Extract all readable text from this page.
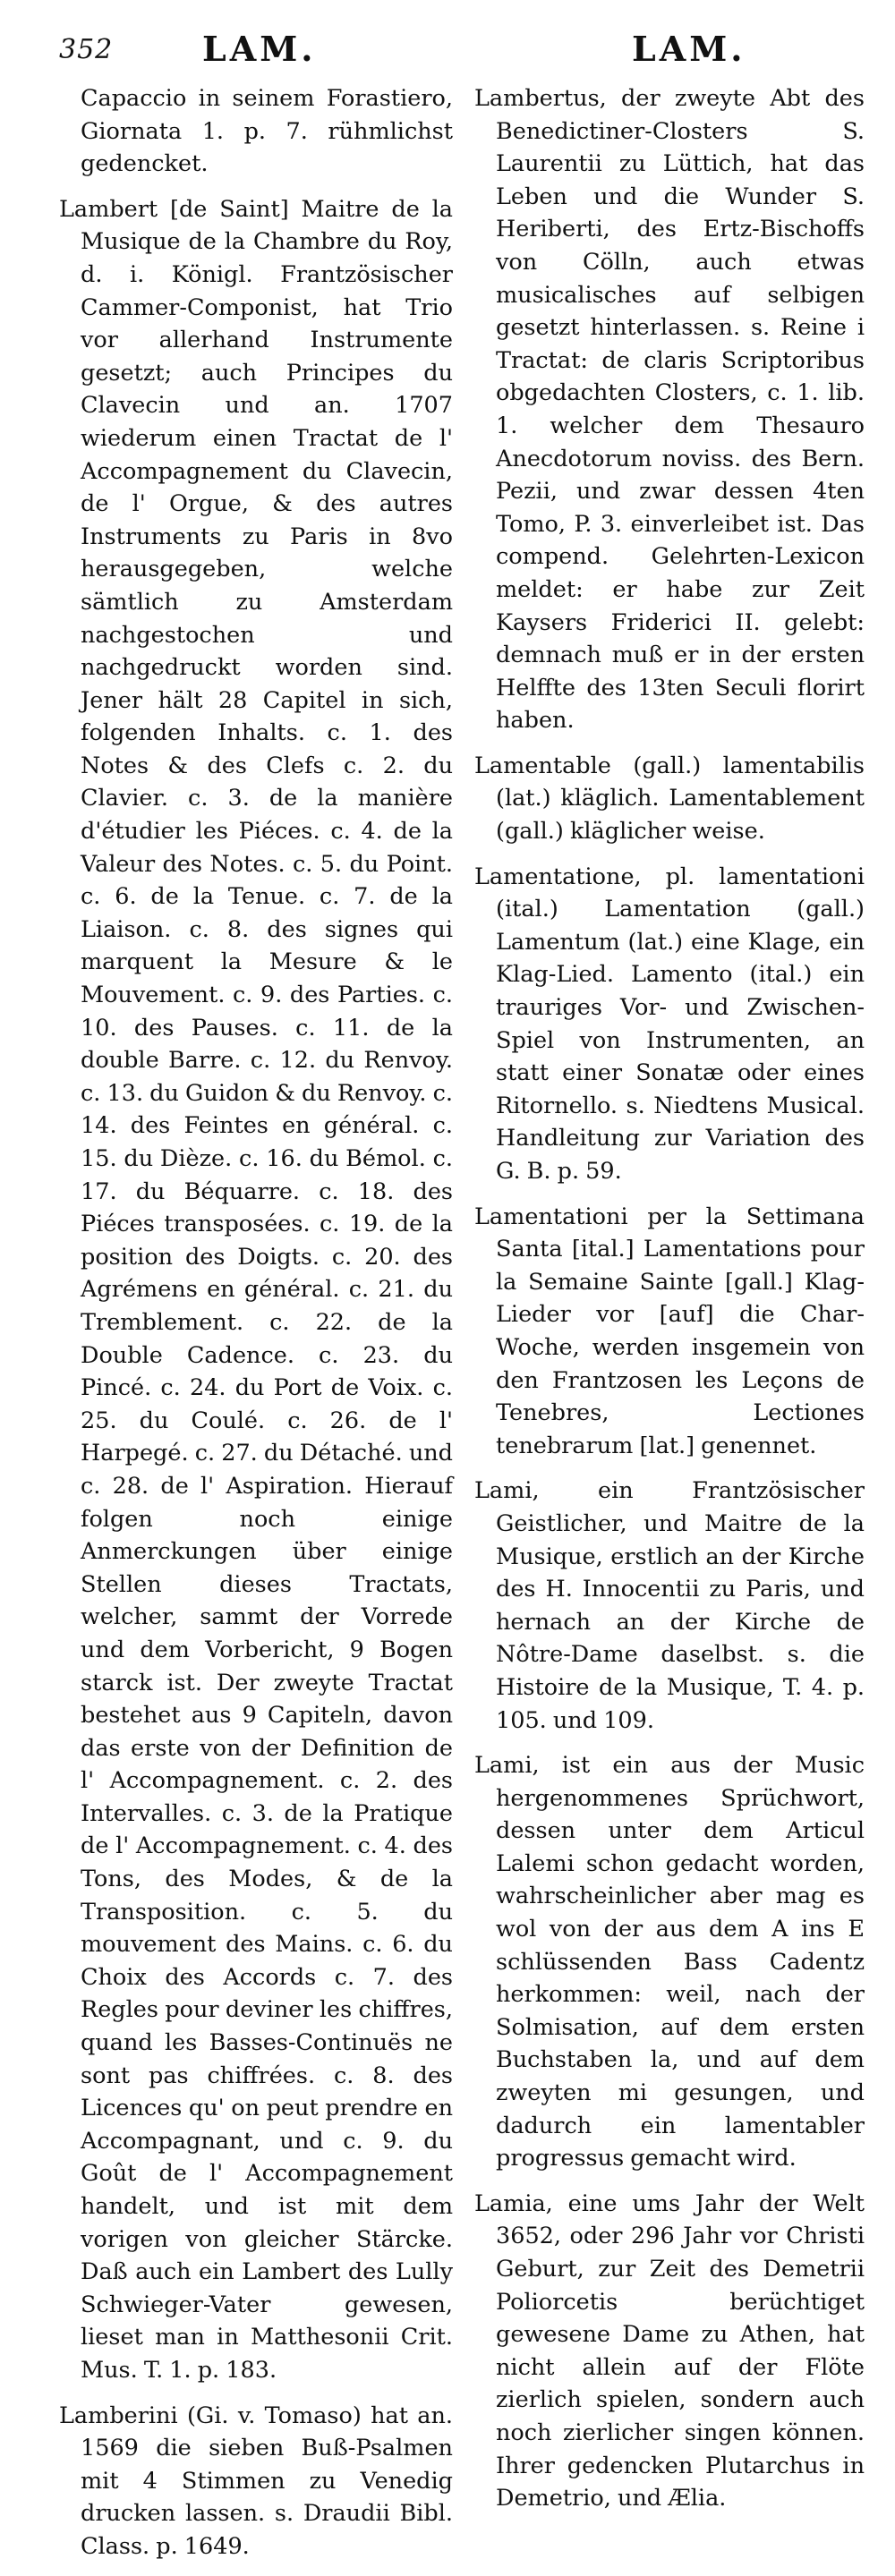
352	LAM.	LAM.

Capaccio in seinem Forastiero, Giornata 1. p. 7. rühmlichst gedencket.

Lambert [de Saint] Maitre de la Musique de la Chambre du Roy, d. i. Königl. Frantzösischer Cammer-Componist, hat Trio vor allerhand Instrumente gesetzt; auch Principes du Clavecin und an. 1707 wiederum einen Tractat de l' Accompagnement du Clavecin, de l' Orgue, & des autres Instruments zu Paris in 8vo herausgegeben, welche sämtlich zu Amsterdam nachgestochen und nachgedruckt worden sind. Jener hält 28 Capitel in sich, folgenden Inhalts. c. 1. des Notes & des Clefs c. 2. du Clavier. c. 3. de la manière d'étudier les Piéces. c. 4. de la Valeur des Notes. c. 5. du Point. c. 6. de la Tenue. c. 7. de la Liaison. c. 8. des signes qui marquent la Mesure & le Mouvement. c. 9. des Parties. c. 10. des Pauses. c. 11. de la double Barre. c. 12. du Renvoy. c. 13. du Guidon & du Renvoy. c. 14. des Feintes en général. c. 15. du Dièze. c. 16. du Bémol. c. 17. du Béquarre. c. 18. des Piéces transposées. c. 19. de la position des Doigts. c. 20. des Agrémens en général. c. 21. du Tremblement. c. 22. de la Double Cadence. c. 23. du Pincé. c. 24. du Port de Voix. c. 25. du Coulé. c. 26. de l' Harpegé. c. 27. du Détaché. und c. 28. de l' Aspiration. Hierauf folgen noch einige Anmerckungen über einige Stellen dieses Tractats, welcher, sammt der Vorrede und dem Vorbericht, 9 Bogen starck ist. Der zweyte Tractat bestehet aus 9 Capiteln, davon das erste von der Definition de l' Accompagnement. c. 2. des Intervalles. c. 3. de la Pratique de l' Accompagnement. c. 4. des Tons, des Modes, & de la Transposition. c. 5. du mouvement des Mains. c. 6. du Choix des Accords c. 7. des Regles pour deviner les chiffres, quand les Basses-Continuës ne sont pas chiffrées. c. 8. des Licences qu' on peut prendre en Accompagnant, und c. 9. du Goût de l' Accompagnement handelt, und ist mit dem vorigen von gleicher Stärcke. Daß auch ein Lambert des Lully Schwieger-Vater gewesen, lieset man in Matthesonii Crit. Mus. T. 1. p. 183.

Lamberini (Gi. v. Tomaso) hat an. 1569 die sieben Buß-Psalmen mit 4 Stimmen zu Venedig drucken lassen. s. Draudii Bibl. Class. p. 1649.

Lambertus, der zweyte Abt des Benedictiner-Closters S. Laurentii zu Lüttich, hat das Leben und die Wunder S. Heriberti, des Ertz-Bischoffs von Cölln, auch etwas musicalisches auf selbigen gesetzt hinterlassen. s. Reine i Tractat: de claris Scriptoribus obgedachten Closters, c. 1. lib. 1. welcher dem Thesauro Anecdotorum noviss. des Bern. Pezii, und zwar dessen 4ten Tomo, P. 3. einverleibet ist. Das compend. Gelehrten-Lexicon meldet: er habe zur Zeit Kaysers Friderici II. gelebt: demnach muß er in der ersten Helffte des 13ten Seculi florirt haben.

Lamentable (gall.) lamentabilis (lat.) kläglich. Lamentablement (gall.) kläglicher weise.

Lamentatione, pl. lamentationi (ital.) Lamentation (gall.) Lamentum (lat.) eine Klage, ein Klag-Lied. Lamento (ital.) ein trauriges Vor- und Zwischen-Spiel von Instrumenten, an statt einer Sonatæ oder eines Ritornello. s. Niedtens Musical. Handleitung zur Variation des G. B. p. 59.

Lamentationi per la Settimana Santa [ital.] Lamentations pour la Semaine Sainte [gall.] Klag-Lieder vor [auf] die Char-Woche, werden insgemein von den Frantzosen les Leçons de Tenebres, Lectiones tenebrarum [lat.] genennet.

Lami, ein Frantzösischer Geistlicher, und Maitre de la Musique, erstlich an der Kirche des H. Innocentii zu Paris, und hernach an der Kirche de Nôtre-Dame daselbst. s. die Histoire de la Musique, T. 4. p. 105. und 109.

Lami, ist ein aus der Music hergenommenes Sprüchwort, dessen unter dem Articul Lalemi schon gedacht worden, wahrscheinlicher aber mag es wol von der aus dem A ins E schlüssenden Bass Cadentz herkommen: weil, nach der Solmisation, auf dem ersten Buchstaben la, und auf dem zweyten mi gesungen, und dadurch ein lamentabler progressus gemacht wird.

Lamia, eine ums Jahr der Welt 3652, oder 296 Jahr vor Christi Geburt, zur Zeit des Demetrii Poliorcetis berüchtiget gewesene Dame zu Athen, hat nicht allein auf der Flöte zierlich spielen, sondern auch noch zierlicher singen können. Ihrer gedencken Plutarchus in Demetrio, und Ælia.
